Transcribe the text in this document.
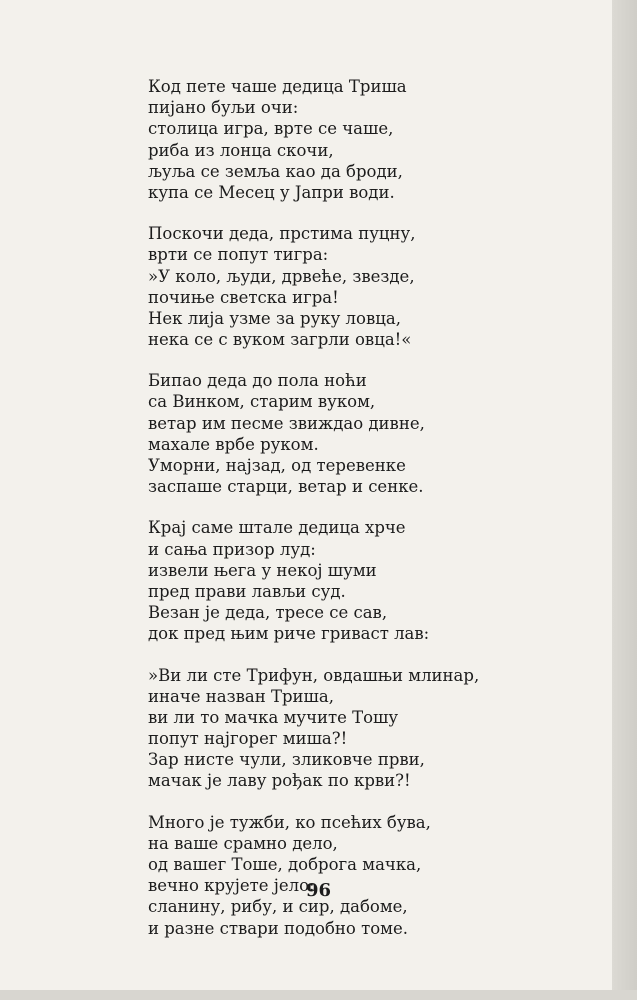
Код пете чаше дедица Триша
пијано буљи очи:
столица игра, врте се чаше,
риба из лонца скочи,
љуља се земља као да броди,
купа се Месец у Јапри води.
Поскочи деда, прстима пуцну,
врти се попут тигра:
»У коло, људи, дрвеће, звезде,
почиње светска игра!
Нек лија узме за руку ловца,
нека се с вуком загрли овца!«
Бипао деда до пола ноћи
са Винком, старим вуком,
ветар им песме звиждао дивне,
махале врбе руком.
Уморни, најзад, од теревенке
заспаше старци, ветар и сенке.
Крај саме штале дедица хрче
и сања призор луд:
извели њега у некој шуми
пред прави лављи суд.
Везан је деда, тресе се сав,
док пред њим риче гриваст лав:
»Ви ли сте Трифун, овдашњи млинар,
иначе назван Триша,
ви ли то мачка мучите Тошу
попут најгорег миша?!
Зар нисте чули, зликовче први,
мачак је лаву рођак по крви?!
Много је тужби, ко псећих бува,
на ваше срамно дело,
од вашег Тоше, доброга мачка,
вечно крујете јело:
сланину, рибу, и сир, дабоме,
и разне ствари подобно томе.
96
